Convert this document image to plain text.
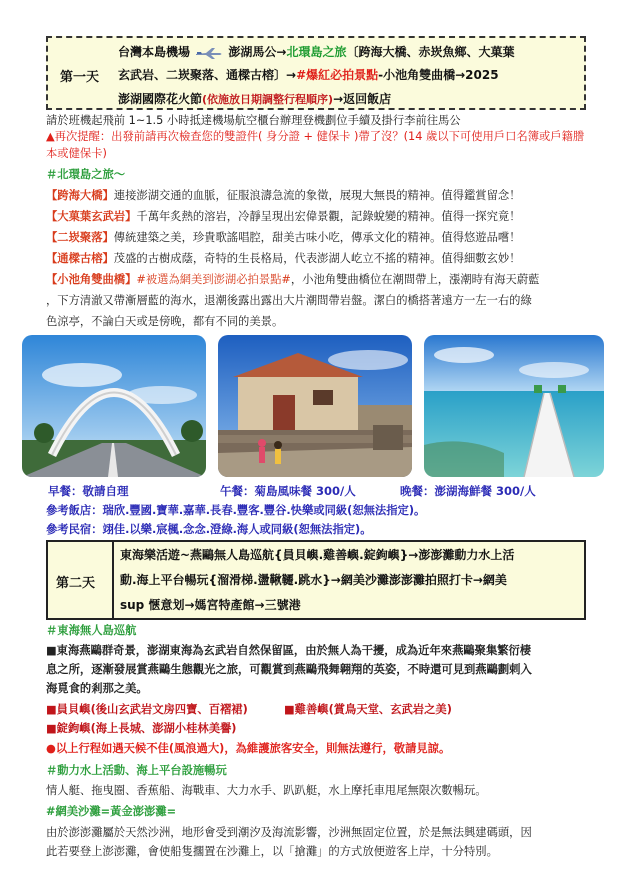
第一天
台灣本島機場	澎湖馬公→北環島之旅〔跨海大橋、赤崁魚鄉、大菓葉
玄武岩、二崁聚落、通樑古榕〕→#爆紅必拍景點-小池角雙曲橋→2025
澎湖國際花火節(依施放日期調整行程順序)→返回飯店
請於班機起飛前 1~1.5 小時抵達機場航空櫃台辦理登機劃位手續及掛行李前往馬公
▲再次提醒：出發前請再次檢查您的雙證件( 身分證 + 健保卡 )帶了沒？(14 歲以下可使用戶口名簿或戶籍謄本或健保卡)
＃北環島之旅～
【跨海大橋】連接澎湖交通的血脈，征服浪濤急流的象徵，展現大無畏的精神。值得鑑賞留念！
【大菓葉玄武岩】千萬年炙熱的溶岩，冷靜呈現出宏偉景觀，記錄蛻變的精神。值得一探究竟！
【二崁聚落】傳統建築之美，珍貴歌謠唱腔，甜美古味小吃，傳承文化的精神。值得悠遊品嚐！
【通樑古榕】茂盛的古樹成蔭，奇特的生長格局，代表澎湖人屹立不搖的精神。值得細數玄妙！
【小池角雙曲橋】#被選為網美到澎湖必拍景點#，小池角雙曲橋位在潮間帶上，漲潮時有海天蔚藍
，下方清澈又帶漸層藍的海水，退潮後露出露出大片潮間帶岩盤。潔白的橋搭著遠方一左一右的綠
色涼亭，不論白天或是傍晚，都有不同的美景。
早餐：敬請自理	午餐：菊島風味餐 300/人	晚餐：澎湖海鮮餐 300/人
參考飯店：瑞欣.豐國.寶華.嘉華.長春.豐客.豐谷.快樂或同級(恕無法指定)。
參考民宿：翊佳.以樂.宸楓.念念.澄綠.海人或同級(恕無法指定)。
第二天
東海樂活遊~燕鷗無人島巡航{員貝嶼.雞善嶼.錠鉤嶼}→澎澎灘動力水上活
動.海上平台暢玩{溜滑梯.盪鞦韆.跳水}→網美沙灘澎澎灘拍照打卡→網美
sup 愜意划→媽宮特產館→三號港
＃東海無人島巡航
■東海燕鷗群奇景，澎湖東海為玄武岩自然保留區，由於無人為干擾，成為近年來燕鷗聚集繁衍棲
息之所，逐漸發展賞燕鷗生態觀光之旅，可觀賞到燕鷗飛舞翱翔的英姿，不時還可見到燕鷗劃剌入
海覓食的剎那之美。
■員貝嶼(後山玄武岩文房四寶、百褶裙)	■雞善嶼(賞鳥天堂、玄武岩之美)
■錠鉤嶼(海上長城、澎湖小桂林美譽)
●以上行程如遇天候不佳(風浪過大)，為維護旅客安全，則無法遵行，敬請見諒。
＃動力水上活動、海上平台設施暢玩
情人艇、拖曳圈、香蕉船、海戰車、大力水手、趴趴艇，水上摩托車甩尾無限次數暢玩。
#網美沙灘=黃金澎澎灘=
由於澎澎灘屬於天然沙洲，地形會受到潮汐及海流影響，沙洲無固定位置，於是無法興建碼頭，因
此若要登上澎澎灘，會使船隻擱置在沙灘上，以「搶灘」的方式放便遊客上岸，十分特別。
